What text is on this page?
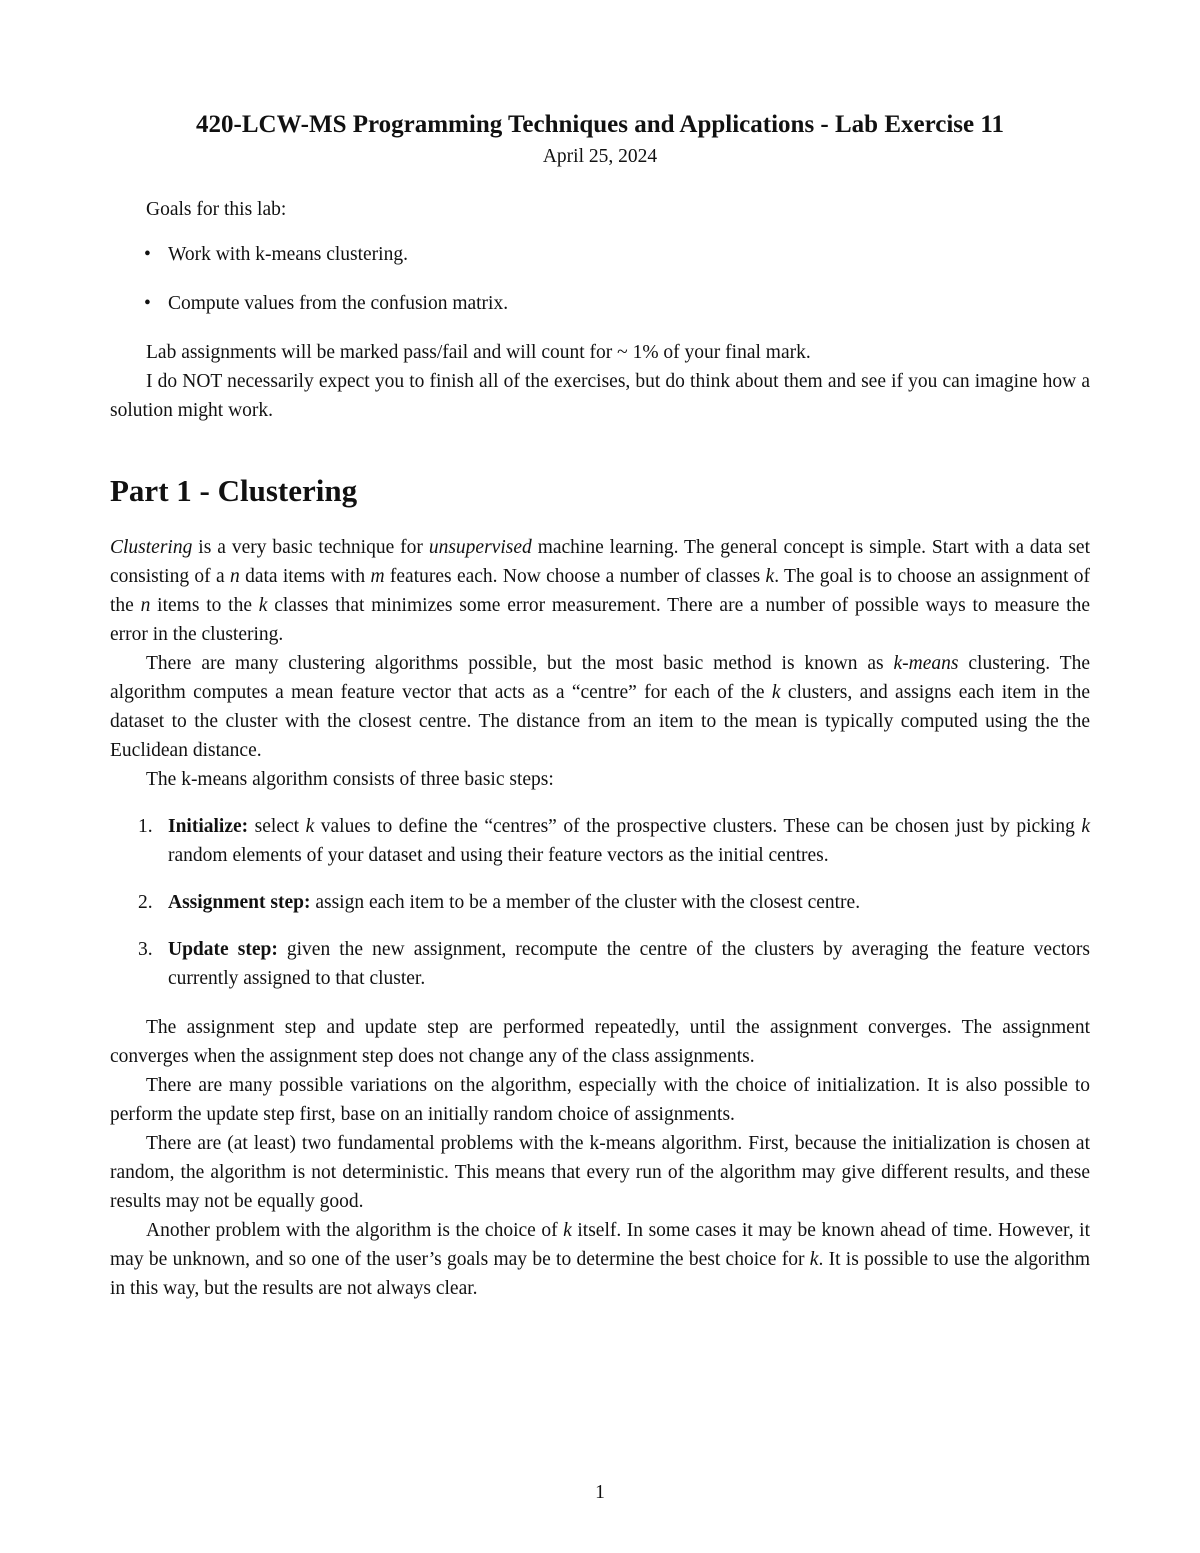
420-LCW-MS Programming Techniques and Applications - Lab Exercise 11

April 25, 2024

Goals for this lab:

• Work with k-means clustering.
• Compute values from the confusion matrix.

Lab assignments will be marked pass/fail and will count for ~ 1% of your final mark.

I do NOT necessarily expect you to finish all of the exercises, but do think about them and see if you can imagine how a solution might work.

Part 1 - Clustering

Clustering is a very basic technique for unsupervised machine learning. The general concept is simple. Start with a data set consisting of a n data items with m features each. Now choose a number of classes k. The goal is to choose an assignment of the n items to the k classes that minimizes some error measurement. There are a number of possible ways to measure the error in the clustering.

There are many clustering algorithms possible, but the most basic method is known as k-means clustering. The algorithm computes a mean feature vector that acts as a “centre” for each of the k clusters, and assigns each item in the dataset to the cluster with the closest centre. The distance from an item to the mean is typically computed using the the Euclidean distance.

The k-means algorithm consists of three basic steps:

1. Initialize: select k values to define the “centres” of the prospective clusters. These can be chosen just by picking k random elements of your dataset and using their feature vectors as the initial centres.
2. Assignment step: assign each item to be a member of the cluster with the closest centre.
3. Update step: given the new assignment, recompute the centre of the clusters by averaging the feature vectors currently assigned to that cluster.

The assignment step and update step are performed repeatedly, until the assignment converges. The assignment converges when the assignment step does not change any of the class assignments.

There are many possible variations on the algorithm, especially with the choice of initialization. It is also possible to perform the update step first, base on an initially random choice of assignments.

There are (at least) two fundamental problems with the k-means algorithm. First, because the initialization is chosen at random, the algorithm is not deterministic. This means that every run of the algorithm may give different results, and these results may not be equally good.

Another problem with the algorithm is the choice of k itself. In some cases it may be known ahead of time. However, it may be unknown, and so one of the user’s goals may be to determine the best choice for k. It is possible to use the algorithm in this way, but the results are not always clear.

1
